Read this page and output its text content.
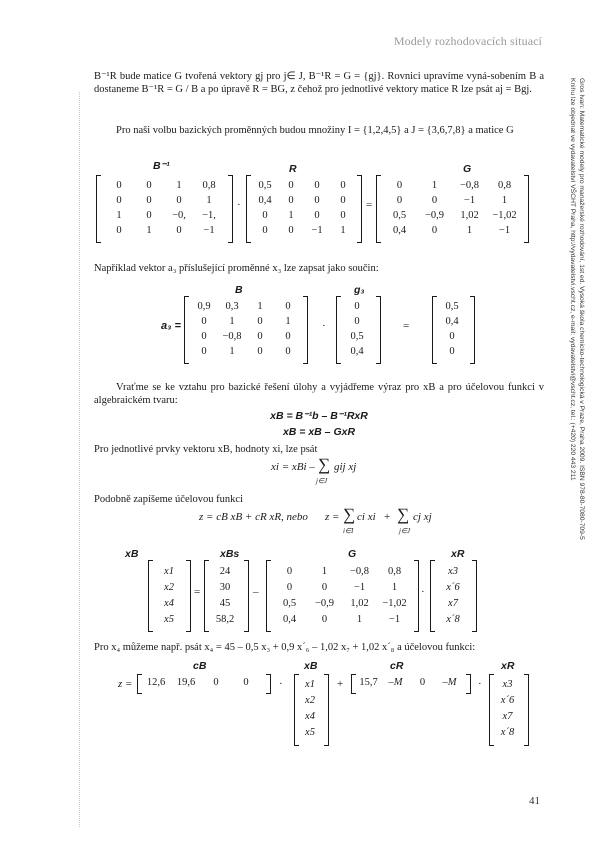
Modely rozhodovacích situací
Gros Ivan: Matematické modely pro manažerské rozhodování, 1st ed. Vysoká škola chemicko-technologická v Praze, Praha 2009. ISBN 978-80-7080-709-5
Knihu lze objednat ve vydavatelství VŠCHT Praha, http://vydavatelstvi.vscht.cz, e-mail: vydavatelstvi@vscht.cz, tel.: (+420) 220 443 211
B⁻¹R bude matice G tvořená vektory gj pro j∈ J, B⁻¹R = G = {gj}. Rovnici upravíme vyná-sobením B a dostaneme B⁻¹R = G / B a po úpravě R = BG, z čehož pro jednotlivé vektory matice R lze psát aj = Bgj.
Pro naši volbu bazických proměnných budou množiny I = {1,2,4,5} a J = {3,6,7,8} a matice G
B⁻¹	R	G
0	0	1	0,8
0	0	0	1
1	0	−0,	−1,
0	1	0	−1
·
0,5	0	0	0
0,4	0	0	0
0	1	0	0
0	0	−1	1
=
0	1	−0,8	0,8
0	0	−1	1
0,5	−0,9	1,02	−1,02
0,4	0	1	−1
Například vektor a₃ příslušející proměnné x₃ lze zapsat jako součin:
B	g₃
a₃ =
0,9	0,3	1	0
0	1	0	1
0	−0,8	0	0
0	1	0	0
·
0
0
0,5
0,4
=
0,5
0,4
0
0
Vraťme se ke vztahu pro bazické řešení úlohy a vyjádřeme výraz pro xB a pro účelovou funkci v algebraickém tvaru:
xB = B⁻¹b – B⁻¹RxR
xB = xB – GxR
Pro jednotlivé prvky vektoru xB, hodnoty xi, lze psát
xi = xBi – ∑ gij xj
j∈J
Podobně zapíšeme účelovou funkci
z = cB xB + cR xR, nebo z = ∑ ci xi
i∈I
+ ∑ cj xj
j∈J
xB	xBs	G	xR
x1
x2
x4
x5
=
24
30
45
58,2
–
0	1	−0,8	0,8
0	0	−1	1
0,5	−0,9	1,02	−1,02
0,4	0	1	−1
·
x3
x´6
x7
x´8
Pro x₄ můžeme např. psát x₄ = 45 – 0,5 x₃ + 0,9 x´₆ – 1,02 x₇ + 1,02 x´₈ a účelovou funkci:
cB	xB	cR	xR
z =	12,6	19,6	0	0	·	x1
x2
x4
x5
+	15,7	–M	0	–M	·	x3
x´6
x7
x´8
41
